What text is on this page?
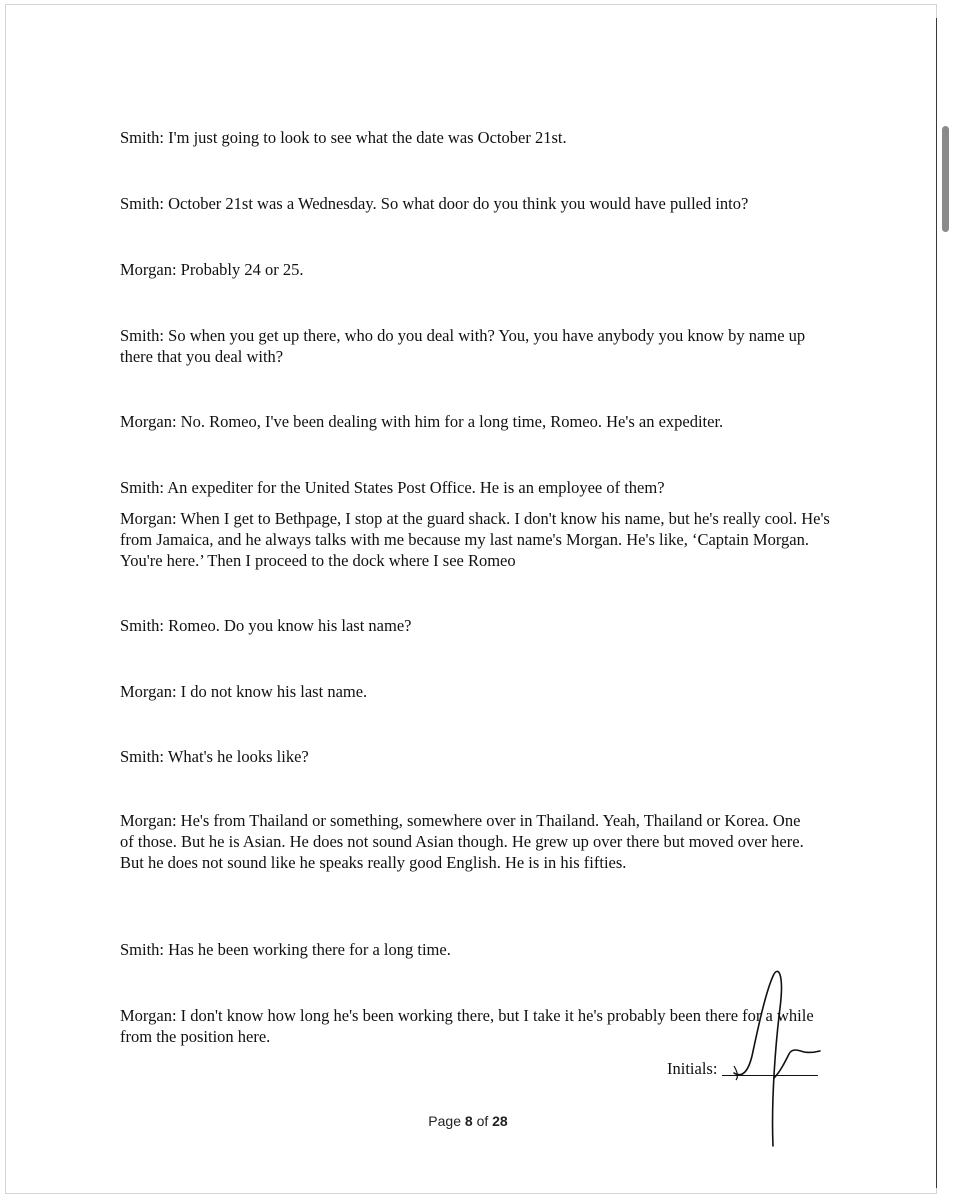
Smith: I'm just going to look to see what the date was October 21st.

Smith: October 21st was a Wednesday. So what door do you think you would have pulled into?

Morgan: Probably 24 or 25.

Smith: So when you get up there, who do you deal with? You, you have anybody you know by name up there that you deal with?

Morgan: No. Romeo, I've been dealing with him for a long time, Romeo. He's an expediter.

Smith: An expediter for the United States Post Office. He is an employee of them?

Morgan: When I get to Bethpage, I stop at the guard shack. I don't know his name, but he's really cool. He's from Jamaica, and he always talks with me because my last name's Morgan. He's like, ‘Captain Morgan. You're here.’ Then I proceed to the dock where I see Romeo

Smith: Romeo. Do you know his last name?

Morgan: I do not know his last name.

Smith: What's he looks like?

Morgan: He's from Thailand or something, somewhere over in Thailand. Yeah, Thailand or Korea. One of those. But he is Asian. He does not sound Asian though. He grew up over there but moved over here. But he does not sound like he speaks really good English. He is in his fifties.

Smith: Has he been working there for a long time.

Morgan: I don't know how long he's been working there, but I take it he's probably been there for a while from the position here.

Initials:
Page 8 of 28
